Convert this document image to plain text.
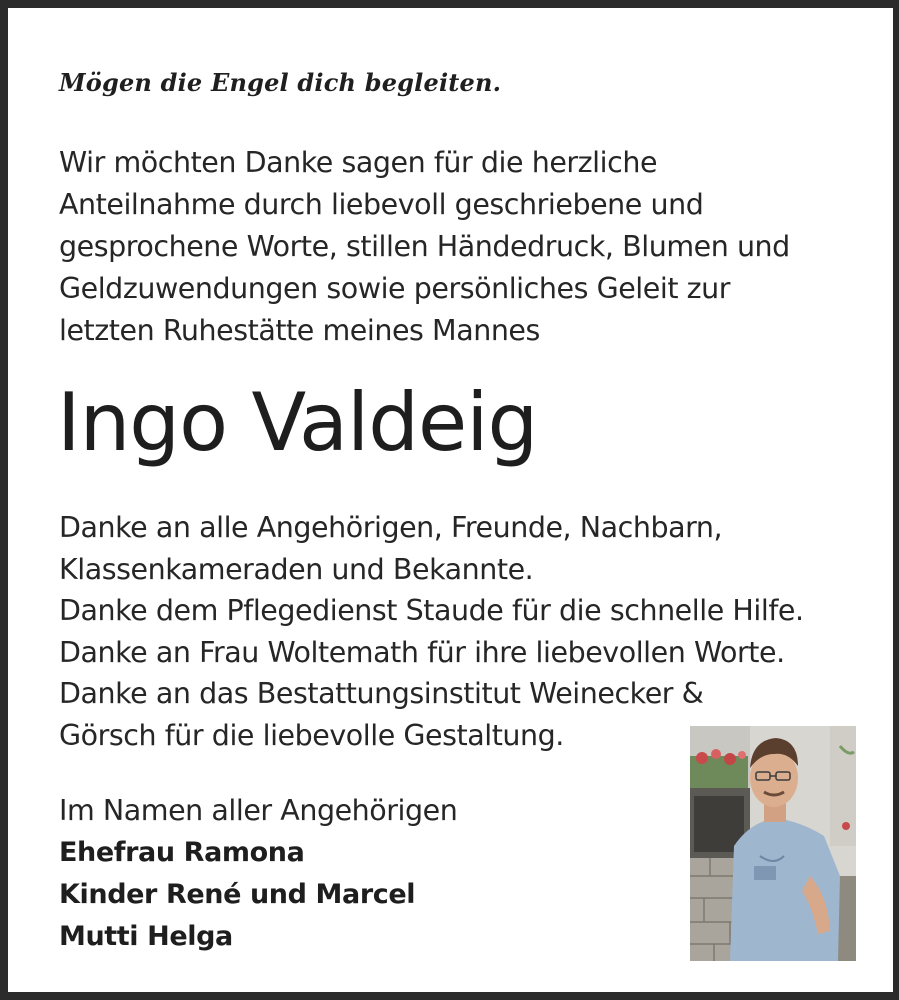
Mögen die Engel dich begleiten.

Wir möchten Danke sagen für die herzliche
Anteilnahme durch liebevoll geschriebene und
gesprochene Worte, stillen Händedruck, Blumen und
Geldzuwendungen sowie persönliches Geleit zur
letzten Ruhestätte meines Mannes
Ingo Valdeig
Danke an alle Angehörigen, Freunde, Nachbarn,
Klassenkameraden und Bekannte.
Danke dem Pflegedienst Staude für die schnelle Hilfe.
Danke an Frau Woltemath für ihre liebevollen Worte.
Danke an das Bestattungsinstitut Weinecker &
Görsch für die liebevolle Gestaltung.

Im Namen aller Angehörigen

Ehefrau Ramona
Kinder René und Marcel
Mutti Helga
